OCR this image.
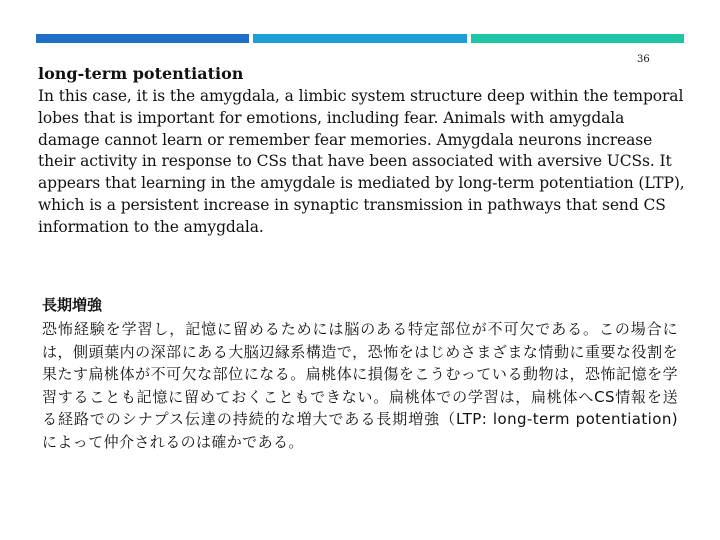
36
long-term potentiation

In this case, it is the amygdala, a limbic system structure deep within the temporal lobes that is important for emotions, including fear. Animals with amygdala damage cannot learn or remember fear memories. Amygdala neurons increase their activity in response to CSs that have been associated with aversive UCSs. It appears that learning in the amygdale is mediated by long-term potentiation (LTP), which is a persistent increase in synaptic transmission in pathways that send CS information to the amygdala.

長期増強

恐怖経験を学習し，記憶に留めるためには脳のある特定部位が不可欠である。この場合には，側頭葉内の深部にある大脳辺縁系構造で，恐怖をはじめさまざまな情動に重要な役割を果たす扁桃体が不可欠な部位になる。扁桃体に損傷をこうむっている動物は，恐怖記憶を学習することも記憶に留めておくこともできない。扁桃体での学習は，扁桃体へCS情報を送る経路でのシナプス伝達の持続的な増大である長期増強（LTP: long-term potentiation)によって仲介されるのは確かである。
